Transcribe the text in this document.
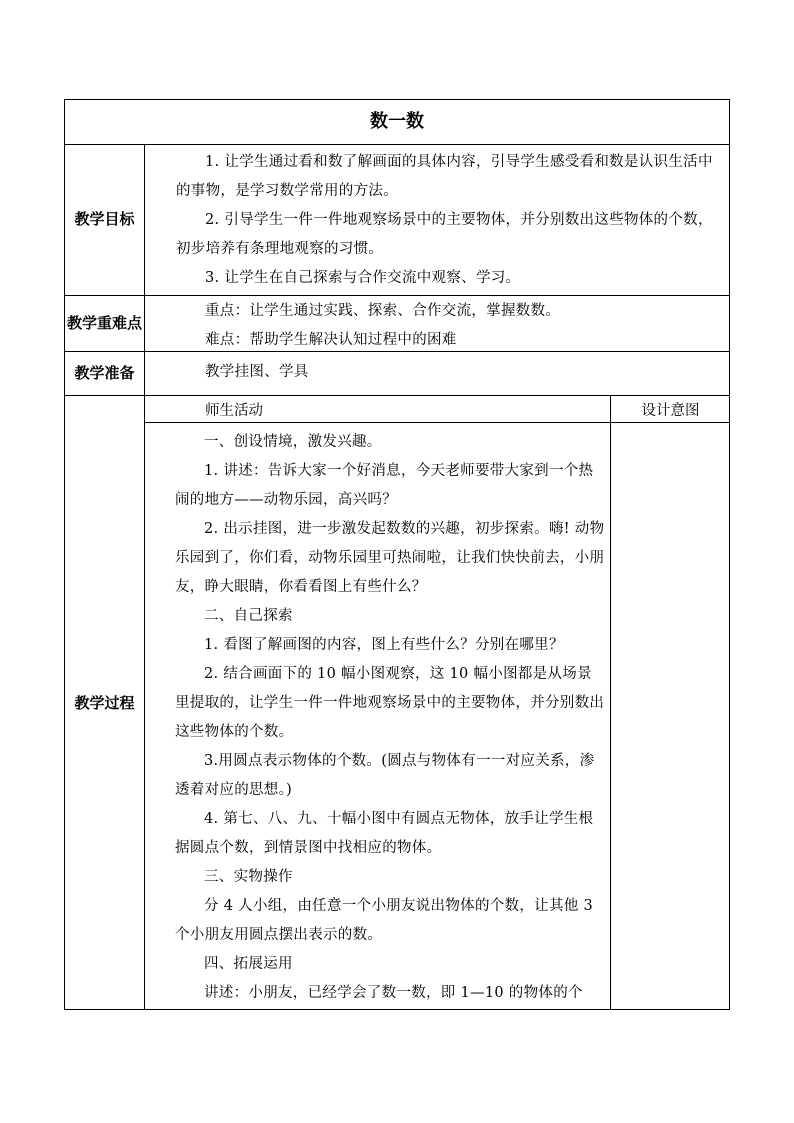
数一数
教学目标
1. 让学生通过看和数了解画面的具体内容，引导学生感受看和数是认识生活中的事物，是学习数学常用的方法。
2. 引导学生一件一件地观察场景中的主要物体，并分别数出这些物体的个数，初步培养有条理地观察的习惯。
3. 让学生在自己探索与合作交流中观察、学习。
教学重难点
重点：让学生通过实践、探索、合作交流，掌握数数。
难点：帮助学生解决认知过程中的困难
教学准备	教学挂图、学具
教学过程
师生活动	设计意图
一、创设情境，激发兴趣。
1. 讲述：告诉大家一个好消息，今天老师要带大家到一个热闹的地方——动物乐园，高兴吗？
2. 出示挂图，进一步激发起数数的兴趣，初步探索。嗨! 动物乐园到了，你们看，动物乐园里可热闹啦，让我们快快前去，小朋友，睁大眼睛，你看看图上有些什么？
二、自己探索
1. 看图了解画图的内容，图上有些什么？分别在哪里？
2. 结合画面下的 10 幅小图观察，这 10 幅小图都是从场景里提取的，让学生一件一件地观察场景中的主要物体，并分别数出这些物体的个数。
3.用圆点表示物体的个数。(圆点与物体有一一对应关系，渗透着对应的思想。)
4. 第七、八、九、十幅小图中有圆点无物体，放手让学生根据圆点个数，到情景图中找相应的物体。
三、实物操作
分 4 人小组，由任意一个小朋友说出物体的个数，让其他 3 个小朋友用圆点摆出表示的数。
四、拓展运用
讲述：小朋友，已经学会了数一数，即 1—10 的物体的个
